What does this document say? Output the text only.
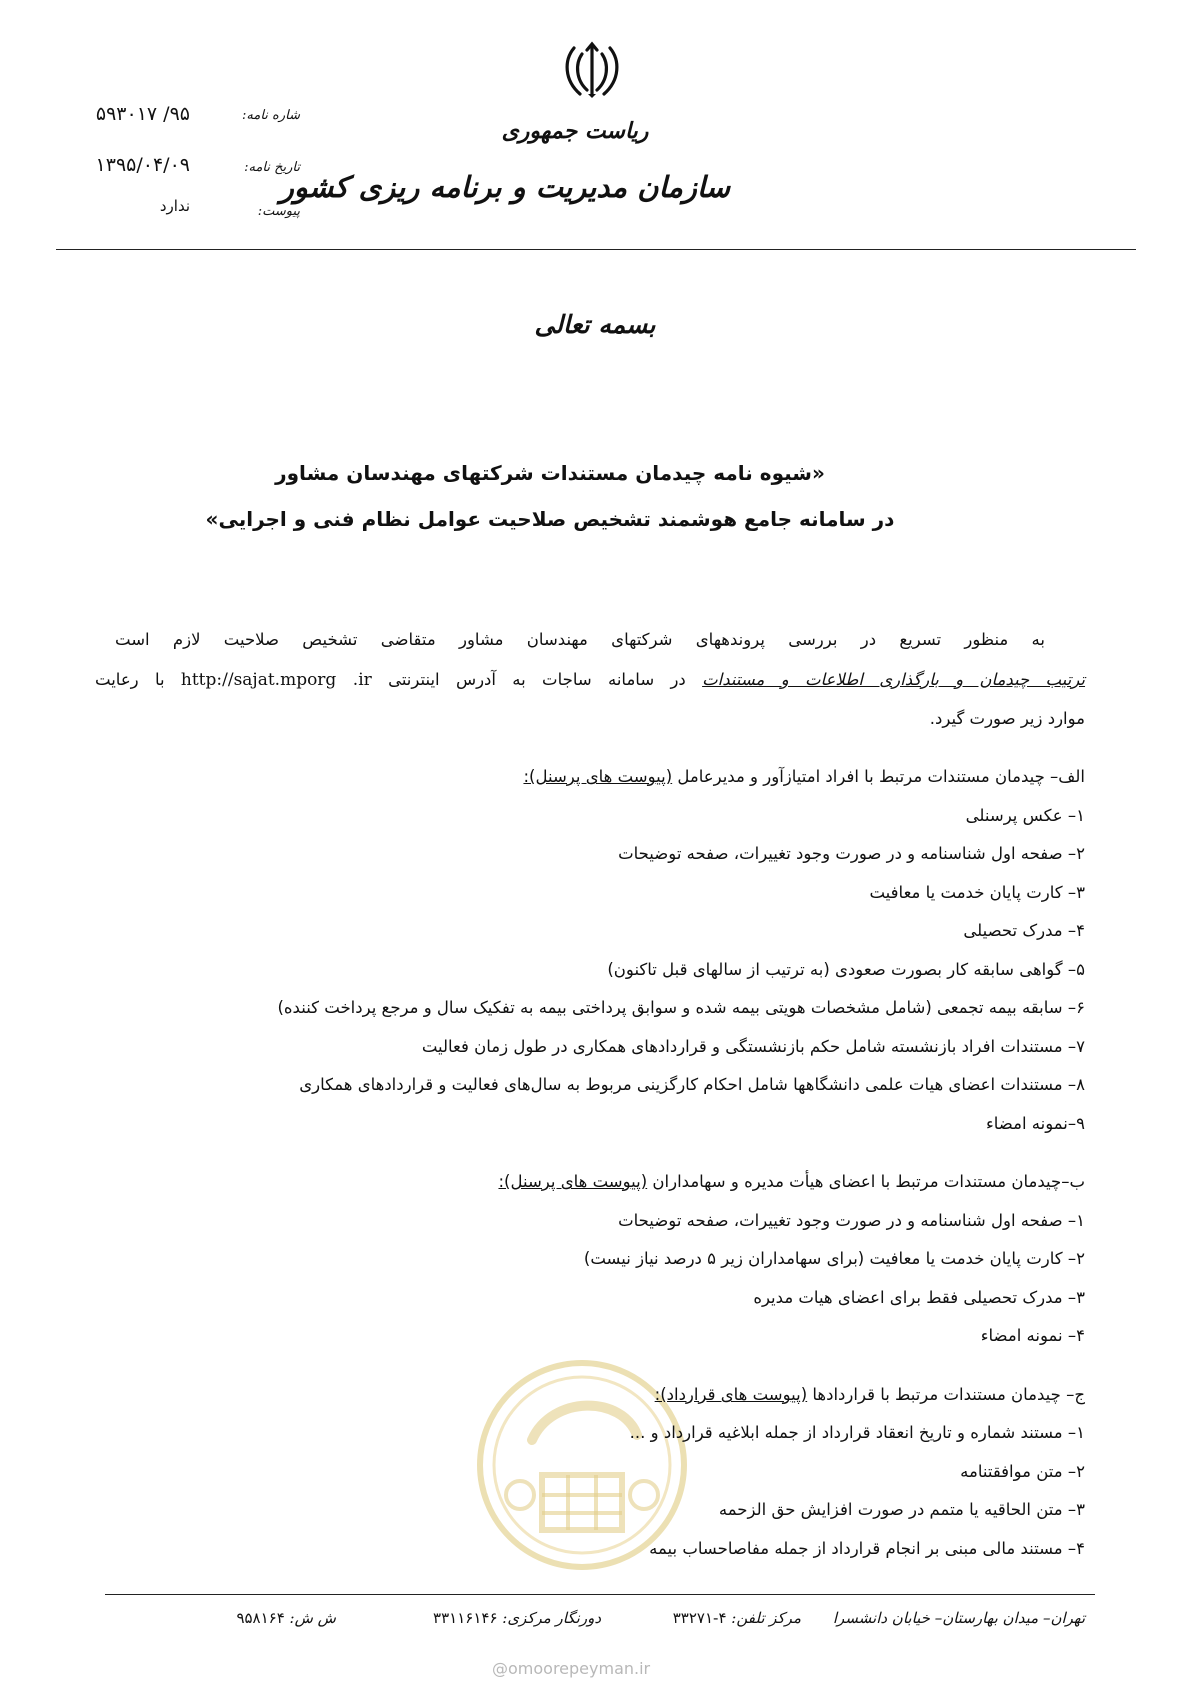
ریاست جمهوری
سازمان مدیریت و برنامه ریزی کشور
شاره نامه:
۹۵/ ۵۹۳۰۱۷
تاریخ نامه:
۱۳۹۵/۰۴/۰۹
پیوست:
ندارد
بسمه تعالی
«شیوه نامه چیدمان مستندات شرکتهای مهندسان مشاور
در سامانه جامع هوشمند تشخیص صلاحیت عوامل نظام فنی و اجرایی»
به منظور تسریع در بررسی پروندههای شرکتهای مهندسان مشاور متقاضی تشخیص صلاحیت لازم است
ترتیب چیدمان و بارگذاری اطلاعات و مستندات در سامانه ساجات به آدرس اینترنتی http://sajat.mporg .ir با رعایت
موارد زیر صورت گیرد.
الف– چیدمان مستندات مرتبط با افراد امتیازآور و مدیرعامل (پیوست های پرسنل):
۱– عکس پرسنلی
۲– صفحه اول شناسنامه و در صورت وجود تغییرات، صفحه توضیحات
۳– کارت پایان خدمت یا معافیت
۴– مدرک تحصیلی
۵– گواهی سابقه کار بصورت صعودی (به ترتیب از سالهای قبل تاکنون)
۶– سابقه بیمه تجمعی (شامل مشخصات هویتی بیمه شده و سوابق پرداختی بیمه به تفکیک سال و مرجع پرداخت کننده)
۷– مستندات افراد بازنشسته شامل حکم بازنشستگی و قراردادهای همکاری در طول زمان فعالیت
۸– مستندات اعضای هیات علمی دانشگاهها شامل احکام کارگزینی مربوط به سال‌های فعالیت و قراردادهای همکاری
۹–نمونه امضاء
ب–چیدمان مستندات مرتبط با اعضای هیأت مدیره و سهامداران (پیوست های پرسنل):
۱– صفحه اول شناسنامه و در صورت وجود تغییرات، صفحه توضیحات
۲– کارت پایان خدمت یا معافیت (برای سهامداران زیر ۵ درصد نیاز نیست)
۳– مدرک تحصیلی فقط برای اعضای هیات مدیره
۴– نمونه امضاء
ج– چیدمان مستندات مرتبط با قراردادها (پیوست های قرارداد):
۱– مستند شماره و تاریخ انعقاد قرارداد از جمله ابلاغیه قرارداد و ...
۲– متن موافقتنامه
۳– متن الحاقیه یا متمم در صورت افزایش حق الزحمه
۴– مستند مالی مبنی بر انجام قرارداد از جمله مفاصاحساب بیمه
تهران– میدان بهارستان– خیابان دانشسرا
مرکز تلفن: ۴-۳۳۲۷۱
دورنگار مرکزی: ۳۳۱۱۶۱۴۶
ش ش: ۹۵۸۱۶۴
@omoorepeyman.ir
